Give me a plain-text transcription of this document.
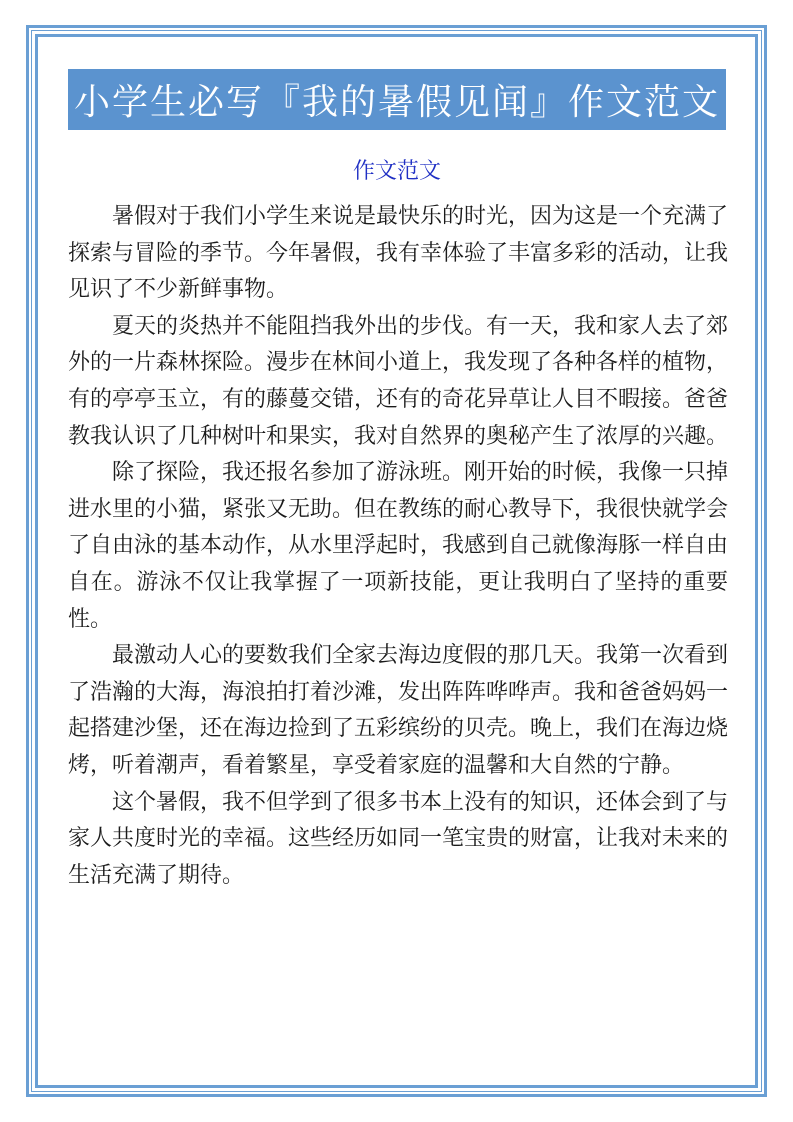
小学生必写『我的暑假见闻』作文范文
作文范文

暑假对于我们小学生来说是最快乐的时光，因为这是一个充满了探索与冒险的季节。今年暑假，我有幸体验了丰富多彩的活动，让我见识了不少新鲜事物。

夏天的炎热并不能阻挡我外出的步伐。有一天，我和家人去了郊外的一片森林探险。漫步在林间小道上，我发现了各种各样的植物，有的亭亭玉立，有的藤蔓交错，还有的奇花异草让人目不暇接。爸爸教我认识了几种树叶和果实，我对自然界的奥秘产生了浓厚的兴趣。

除了探险，我还报名参加了游泳班。刚开始的时候，我像一只掉进水里的小猫，紧张又无助。但在教练的耐心教导下，我很快就学会了自由泳的基本动作，从水里浮起时，我感到自己就像海豚一样自由自在。游泳不仅让我掌握了一项新技能，更让我明白了坚持的重要性。

最激动人心的要数我们全家去海边度假的那几天。我第一次看到了浩瀚的大海，海浪拍打着沙滩，发出阵阵哗哗声。我和爸爸妈妈一起搭建沙堡，还在海边捡到了五彩缤纷的贝壳。晚上，我们在海边烧烤，听着潮声，看着繁星，享受着家庭的温馨和大自然的宁静。

这个暑假，我不但学到了很多书本上没有的知识，还体会到了与家人共度时光的幸福。这些经历如同一笔宝贵的财富，让我对未来的生活充满了期待。
